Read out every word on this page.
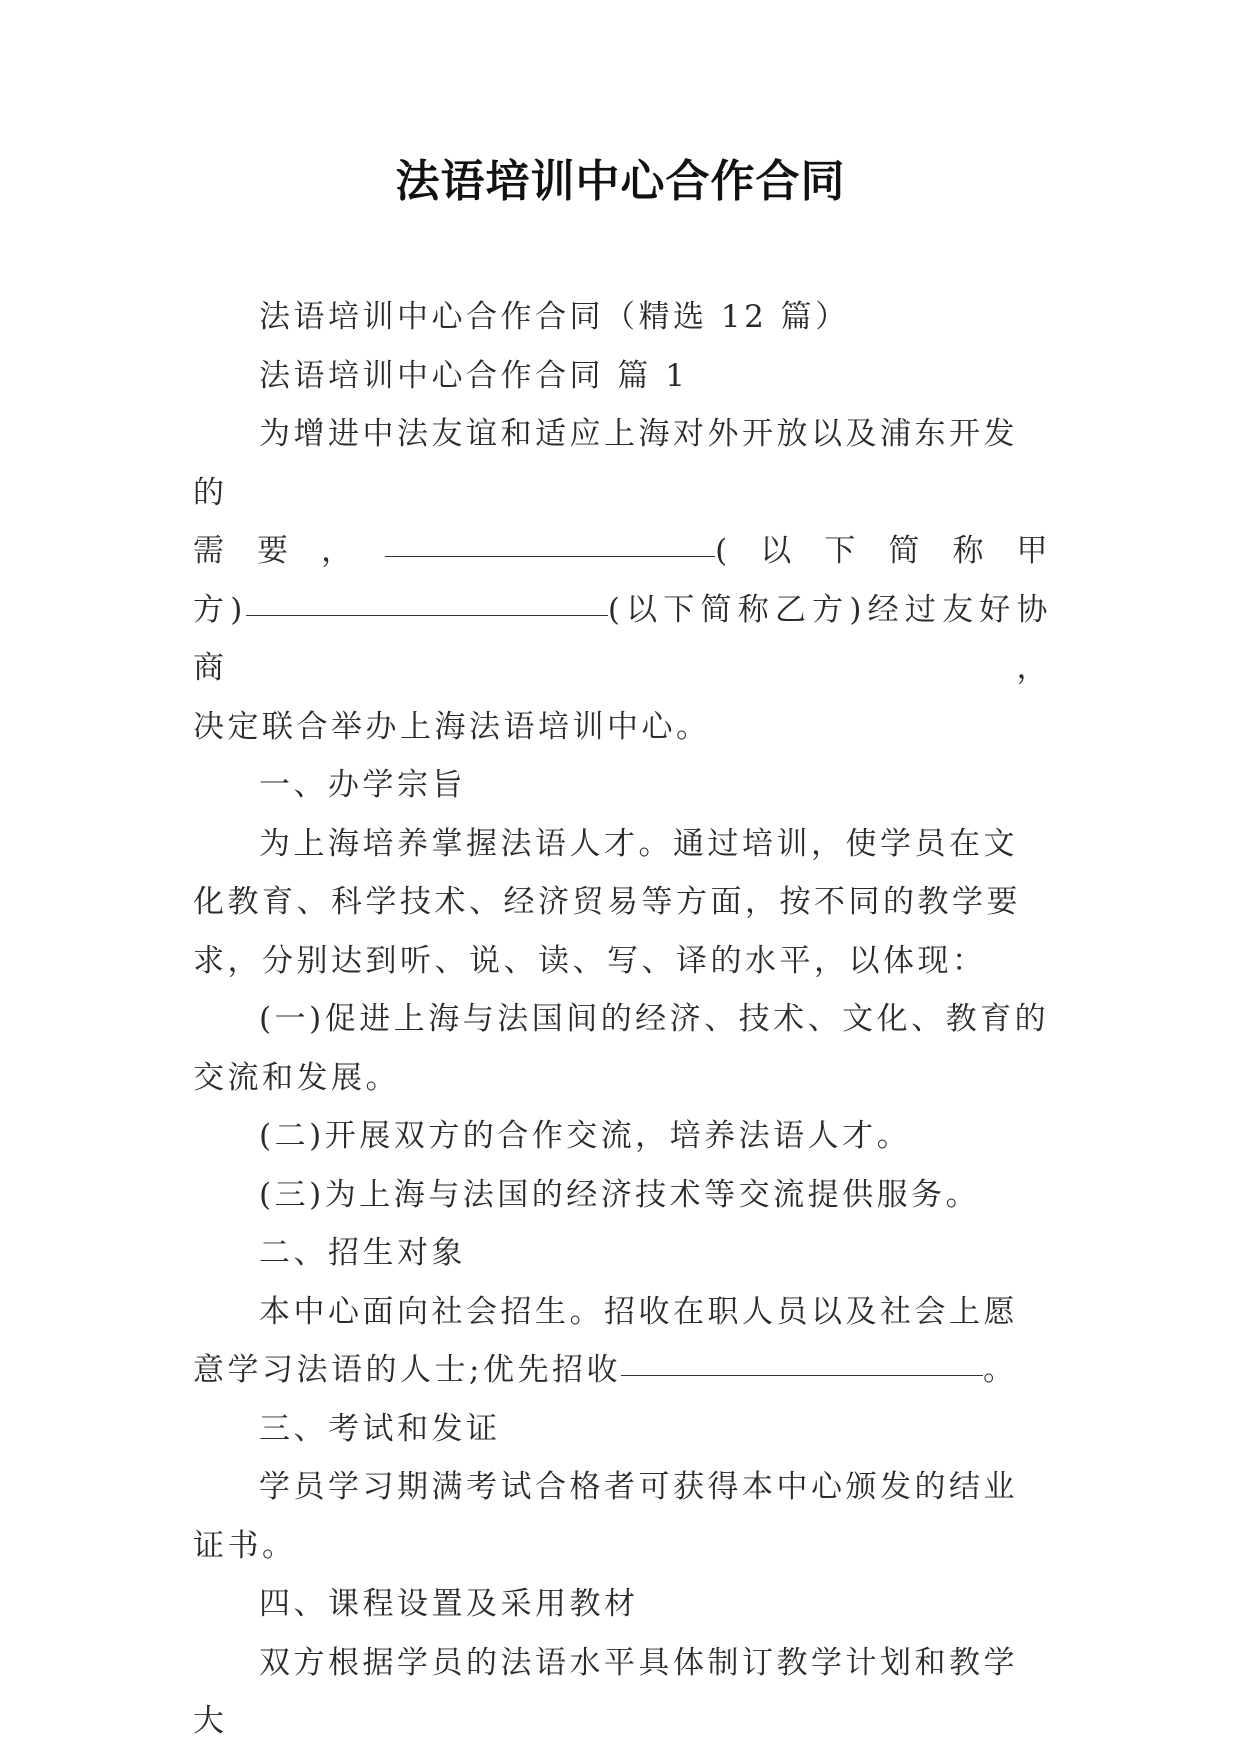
法语培训中心合作合同

法语培训中心合作合同（精选 12 篇）

法语培训中心合作合同 篇 1

为增进中法友谊和适应上海对外开放以及浦东开发的

需要，	(以下简称甲

方)	(以下简称乙方)经过友好协商，

决定联合举办上海法语培训中心。

一、办学宗旨

为上海培养掌握法语人才。通过培训，使学员在文化教育、科学技术、经济贸易等方面，按不同的教学要求，分别达到听、说、读、写、译的水平，以体现：

(一)促进上海与法国间的经济、技术、文化、教育的交流和发展。

(二)开展双方的合作交流，培养法语人才。

(三)为上海与法国的经济技术等交流提供服务。

二、招生对象

本中心面向社会招生。招收在职人员以及社会上愿意学习法语的人士;优先招收	。

三、考试和发证

学员学习期满考试合格者可获得本中心颁发的结业证书。

四、课程设置及采用教材

双方根据学员的法语水平具体制订教学计划和教学大
